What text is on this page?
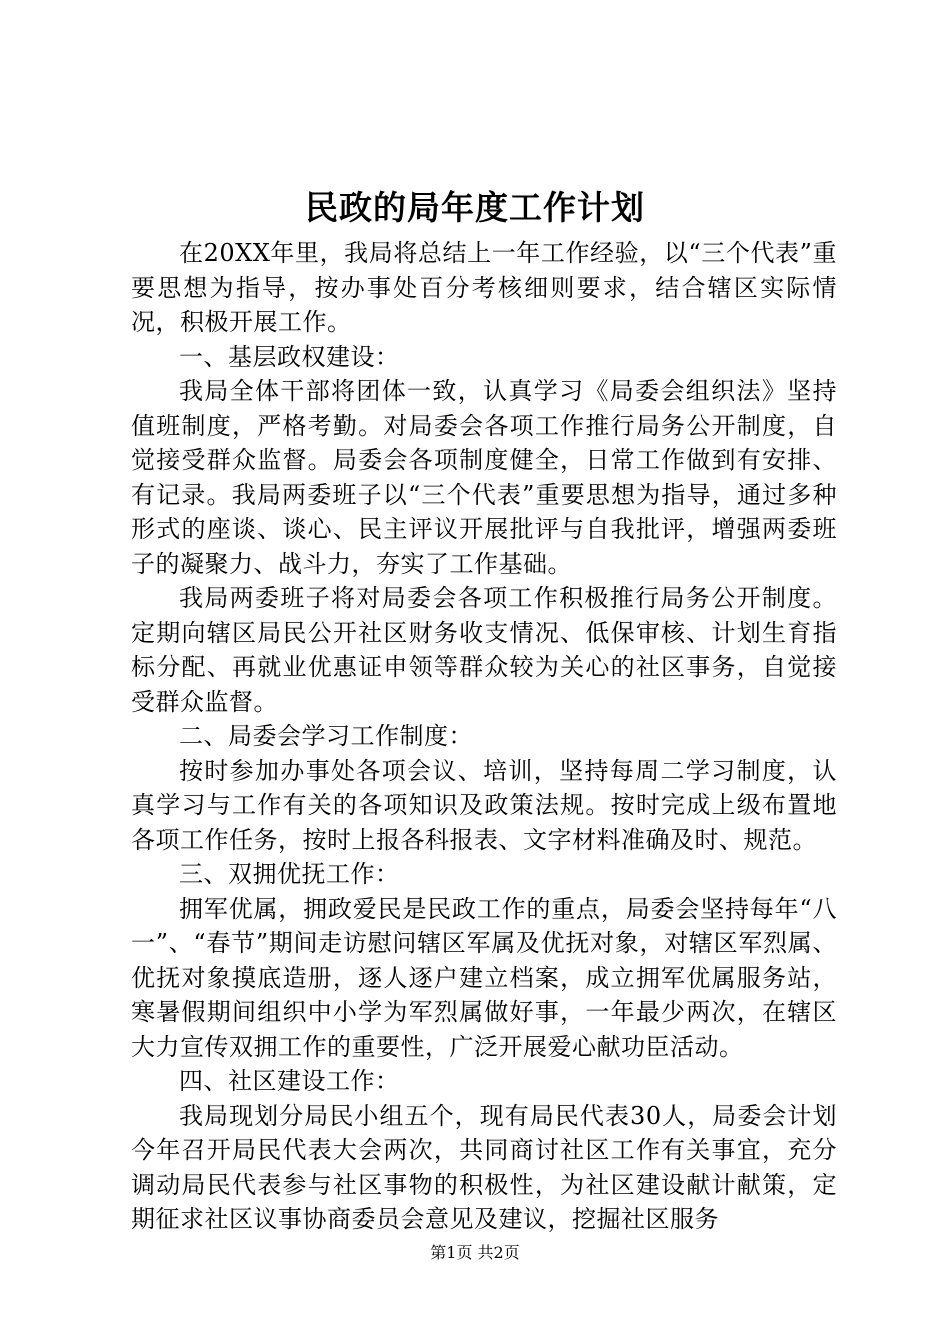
民政的局年度工作计划

在20XX年里，我局将总结上一年工作经验，以“三个代表”重要思想为指导，按办事处百分考核细则要求，结合辖区实际情况，积极开展工作。

一、基层政权建设：

我局全体干部将团体一致，认真学习《局委会组织法》坚持值班制度，严格考勤。对局委会各项工作推行局务公开制度，自觉接受群众监督。局委会各项制度健全，日常工作做到有安排、有记录。我局两委班子以“三个代表”重要思想为指导，通过多种形式的座谈、谈心、民主评议开展批评与自我批评，增强两委班子的凝聚力、战斗力，夯实了工作基础。

我局两委班子将对局委会各项工作积极推行局务公开制度。定期向辖区局民公开社区财务收支情况、低保审核、计划生育指标分配、再就业优惠证申领等群众较为关心的社区事务，自觉接受群众监督。

二、局委会学习工作制度：

按时参加办事处各项会议、培训，坚持每周二学习制度，认真学习与工作有关的各项知识及政策法规。按时完成上级布置地各项工作任务，按时上报各科报表、文字材料准确及时、规范。

三、双拥优抚工作：

拥军优属，拥政爱民是民政工作的重点，局委会坚持每年“八一”、“春节”期间走访慰问辖区军属及优抚对象，对辖区军烈属、优抚对象摸底造册，逐人逐户建立档案，成立拥军优属服务站，寒暑假期间组织中小学为军烈属做好事，一年最少两次，在辖区大力宣传双拥工作的重要性，广泛开展爱心献功臣活动。

四、社区建设工作：

我局现划分局民小组五个，现有局民代表30人，局委会计划今年召开局民代表大会两次，共同商讨社区工作有关事宜，充分调动局民代表参与社区事物的积极性，为社区建设献计献策，定期征求社区议事协商委员会意见及建议，挖掘社区服务

第1页 共2页
